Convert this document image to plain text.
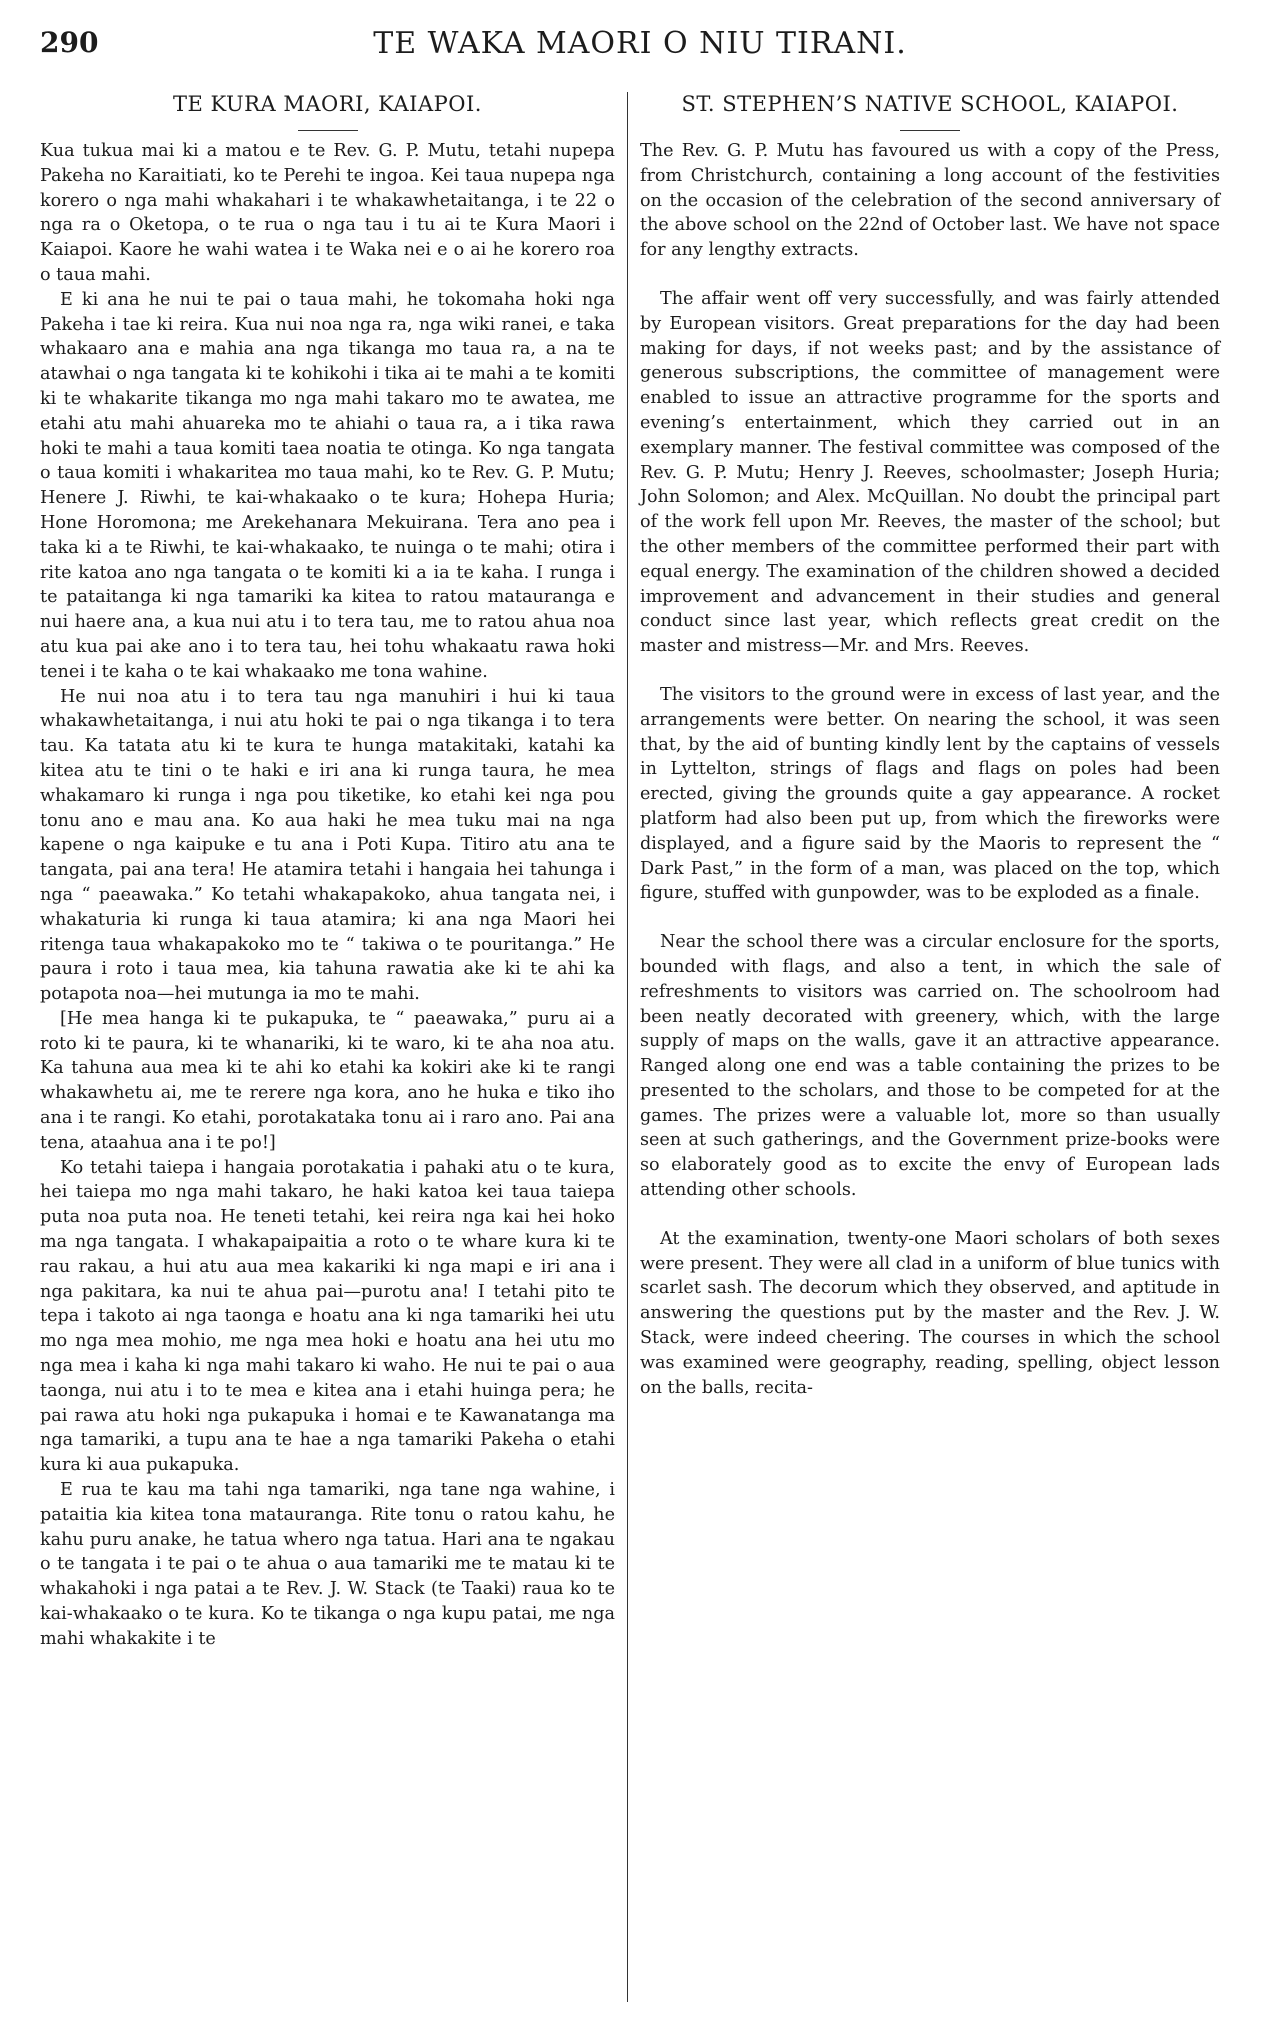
290	TE WAKA MAORI O NIU TIRANI.
TE KURA MAORI, KAIAPOI.

Kua tukua mai ki a matou e te Rev. G. P. Mutu, tetahi nupepa Pakeha no Karaitiati, ko te Perehi te ingoa. Kei taua nupepa nga korero o nga mahi whakahari i te whakawhetaitanga, i te 22 o nga ra o Oketopa, o te rua o nga tau i tu ai te Kura Maori i Kaiapoi. Kaore he wahi watea i te Waka nei e o ai he korero roa o taua mahi.

E ki ana he nui te pai o taua mahi, he tokomaha hoki nga Pakeha i tae ki reira. Kua nui noa nga ra, nga wiki ranei, e taka whakaaro ana e mahia ana nga tikanga mo taua ra, a na te atawhai o nga tangata ki te kohikohi i tika ai te mahi a te komiti ki te whakarite tikanga mo nga mahi takaro mo te awatea, me etahi atu mahi ahuareka mo te ahiahi o taua ra, a i tika rawa hoki te mahi a taua komiti taea noatia te otinga. Ko nga tangata o taua komiti i whakaritea mo taua mahi, ko te Rev. G. P. Mutu; Henere J. Riwhi, te kai-whakaako o te kura; Hohepa Huria; Hone Horomona; me Arekehanara Mekuirana. Tera ano pea i taka ki a te Riwhi, te kai-whakaako, te nuinga o te mahi; otira i rite katoa ano nga tangata o te komiti ki a ia te kaha. I runga i te pataitanga ki nga tamariki ka kitea to ratou matauranga e nui haere ana, a kua nui atu i to tera tau, me to ratou ahua noa atu kua pai ake ano i to tera tau, hei tohu whakaatu rawa hoki tenei i te kaha o te kai whakaako me tona wahine.

He nui noa atu i to tera tau nga manuhiri i hui ki taua whakawhetaitanga, i nui atu hoki te pai o nga tikanga i to tera tau. Ka tatata atu ki te kura te hunga matakitaki, katahi ka kitea atu te tini o te haki e iri ana ki runga taura, he mea whakamaro ki runga i nga pou tiketike, ko etahi kei nga pou tonu ano e mau ana. Ko aua haki he mea tuku mai na nga kapene o nga kaipuke e tu ana i Poti Kupa. Titiro atu ana te tangata, pai ana tera! He atamira tetahi i hangaia hei tahunga i nga “ paeawaka.” Ko tetahi whakapakoko, ahua tangata nei, i whakaturia ki runga ki taua atamira; ki ana nga Maori hei ritenga taua whakapakoko mo te “ takiwa o te pouritanga.” He paura i roto i taua mea, kia tahuna rawatia ake ki te ahi ka potapota noa—hei mutunga ia mo te mahi.

[He mea hanga ki te pukapuka, te “ paeawaka,” puru ai a roto ki te paura, ki te whanariki, ki te waro, ki te aha noa atu. Ka tahuna aua mea ki te ahi ko etahi ka kokiri ake ki te rangi whakawhetu ai, me te rerere nga kora, ano he huka e tiko iho ana i te rangi. Ko etahi, porotakataka tonu ai i raro ano. Pai ana tena, ataahua ana i te po!]

Ko tetahi taiepa i hangaia porotakatia i pahaki atu o te kura, hei taiepa mo nga mahi takaro, he haki katoa kei taua taiepa puta noa puta noa. He teneti tetahi, kei reira nga kai hei hoko ma nga tangata. I whakapaipaitia a roto o te whare kura ki te rau rakau, a hui atu aua mea kakariki ki nga mapi e iri ana i nga pakitara, ka nui te ahua pai—purotu ana! I tetahi pito te tepa i takoto ai nga taonga e hoatu ana ki nga tamariki hei utu mo nga mea mohio, me nga mea hoki e hoatu ana hei utu mo nga mea i kaha ki nga mahi takaro ki waho. He nui te pai o aua taonga, nui atu i to te mea e kitea ana i etahi huinga pera; he pai rawa atu hoki nga pukapuka i homai e te Kawanatanga ma nga tamariki, a tupu ana te hae a nga tamariki Pakeha o etahi kura ki aua pukapuka.

E rua te kau ma tahi nga tamariki, nga tane nga wahine, i pataitia kia kitea tona matauranga. Rite tonu o ratou kahu, he kahu puru anake, he tatua whero nga tatua. Hari ana te ngakau o te tangata i te pai o te ahua o aua tamariki me te matau ki te whakahoki i nga patai a te Rev. J. W. Stack (te Taaki) raua ko te kai-whakaako o te kura. Ko te tikanga o nga kupu patai, me nga mahi whakakite i te

ST. STEPHEN’S NATIVE SCHOOL, KAIAPOI.

The Rev. G. P. Mutu has favoured us with a copy of the Press, from Christchurch, containing a long account of the festivities on the occasion of the celebration of the second anniversary of the above school on the 22nd of October last. We have not space for any lengthy extracts.

The affair went off very successfully, and was fairly attended by European visitors. Great preparations for the day had been making for days, if not weeks past; and by the assistance of generous subscriptions, the committee of management were enabled to issue an attractive programme for the sports and evening’s entertainment, which they carried out in an exemplary manner. The festival committee was composed of the Rev. G. P. Mutu; Henry J. Reeves, schoolmaster; Joseph Huria; John Solomon; and Alex. McQuillan. No doubt the principal part of the work fell upon Mr. Reeves, the master of the school; but the other members of the committee performed their part with equal energy. The examination of the children showed a decided improvement and advancement in their studies and general conduct since last year, which reflects great credit on the master and mistress—Mr. and Mrs. Reeves.

The visitors to the ground were in excess of last year, and the arrangements were better. On nearing the school, it was seen that, by the aid of bunting kindly lent by the captains of vessels in Lyttelton, strings of flags and flags on poles had been erected, giving the grounds quite a gay appearance. A rocket platform had also been put up, from which the fireworks were displayed, and a figure said by the Maoris to represent the “ Dark Past,” in the form of a man, was placed on the top, which figure, stuffed with gunpowder, was to be exploded as a finale.

Near the school there was a circular enclosure for the sports, bounded with flags, and also a tent, in which the sale of refreshments to visitors was carried on. The schoolroom had been neatly decorated with greenery, which, with the large supply of maps on the walls, gave it an attractive appearance. Ranged along one end was a table containing the prizes to be presented to the scholars, and those to be competed for at the games. The prizes were a valuable lot, more so than usually seen at such gatherings, and the Government prize-books were so elaborately good as to excite the envy of European lads attending other schools.

At the examination, twenty-one Maori scholars of both sexes were present. They were all clad in a uniform of blue tunics with scarlet sash. The decorum which they observed, and aptitude in answering the questions put by the master and the Rev. J. W. Stack, were indeed cheering. The courses in which the school was examined were geography, reading, spelling, object lesson on the balls, recita-
